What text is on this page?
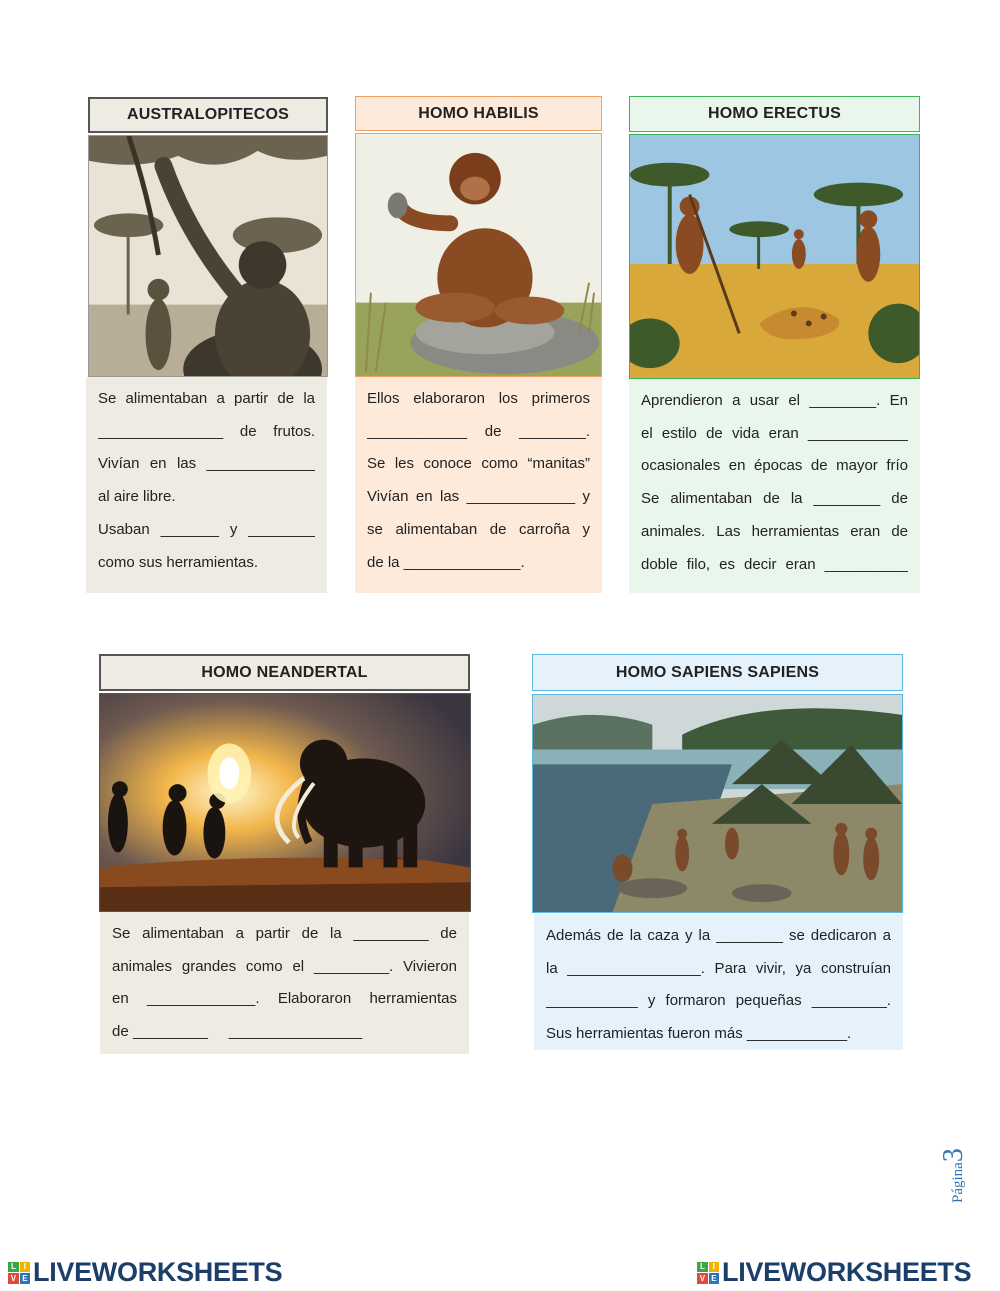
AUSTRALOPITECOS

Se alimentaban a partir de la

_______________ de frutos.

Vivían en las _____________

al aire libre.

Usaban _______ y ________

como sus herramientas.

HOMO HABILIS

Ellos elaboraron los primeros

____________ de ________.

Se les conoce como “manitas”

Vivían en las _____________ y

se alimentaban de carroña y

de la ______________.

HOMO ERECTUS

Aprendieron a usar el ________. En

el estilo de vida eran ____________

ocasionales en épocas de mayor frío

Se alimentaban de la ________ de

animales. Las herramientas eran de

doble filo, es decir eran __________

HOMO NEANDERTAL

Se alimentaban a partir de la _________ de

animales grandes como el _________. Vivieron

en _____________. Elaboraron herramientas

de _________     ________________

HOMO SAPIENS SAPIENS

Además de la caza y la ________ se dedicaron a

la ________________. Para vivir, ya construían

___________ y formaron pequeñas _________.

Sus herramientas fueron más ____________.

Página3
L	I
V E LIVEWORKSHEETS	L	I
V E LIVEWORKSHEETS
